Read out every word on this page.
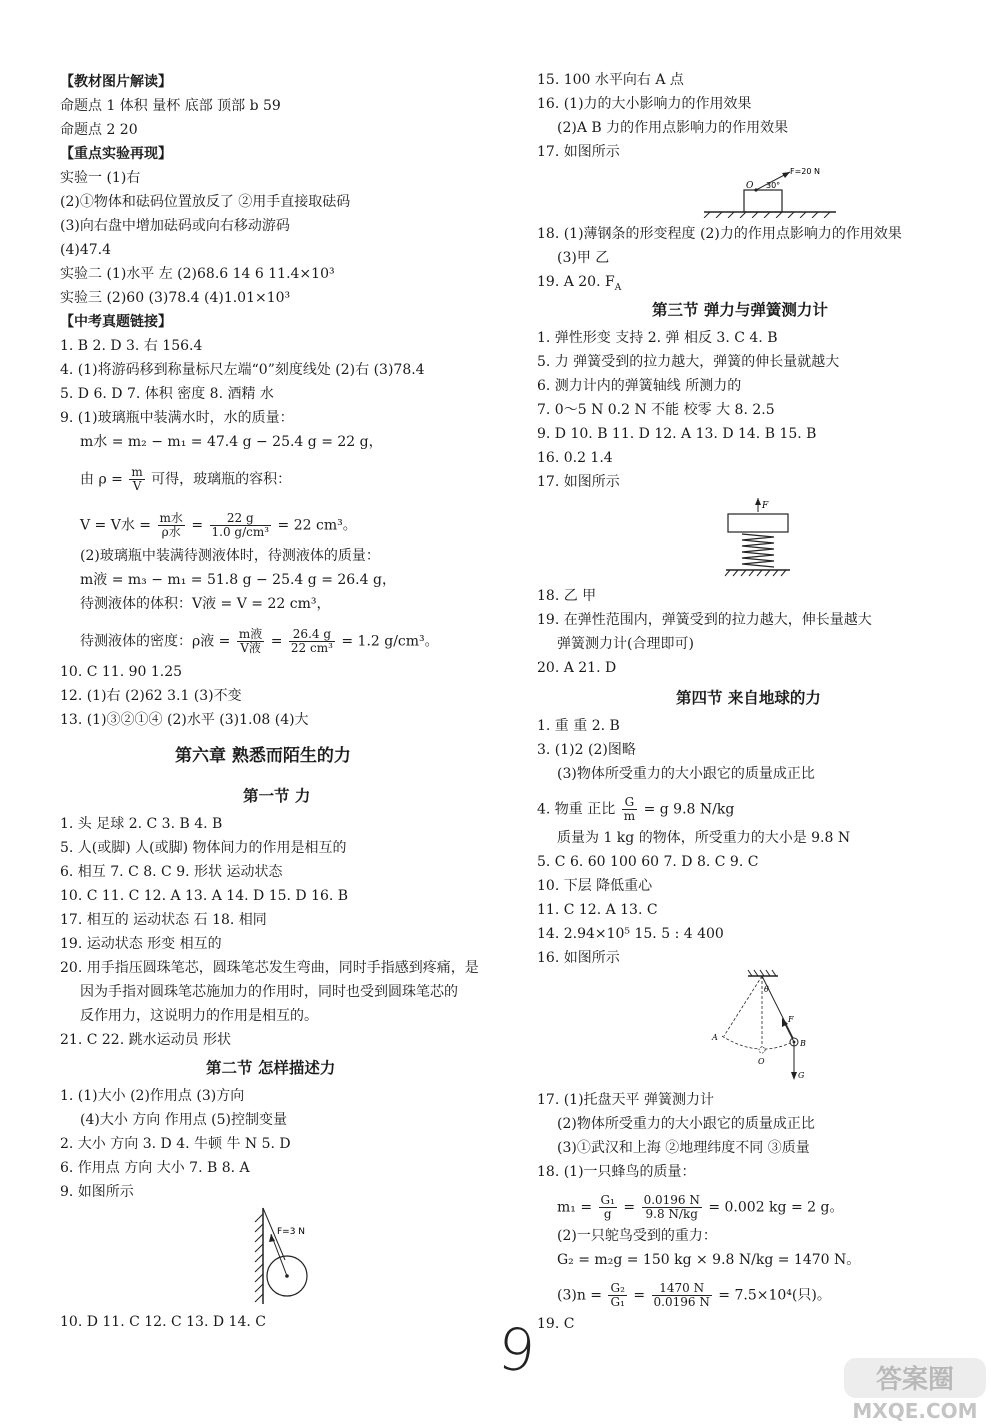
【教材图片解读】
命题点 1 体积 量杯 底部 顶部 b 59
命题点 2 20
【重点实验再现】
实验一 (1)右
(2)①物体和砝码位置放反了 ②用手直接取砝码
(3)向右盘中增加砝码或向右移动游码
(4)47.4
实验二 (1)水平 左 (2)68.6 14 6 11.4×10³
实验三 (2)60 (3)78.4 (4)1.01×10³
【中考真题链接】
1. B 2. D 3. 右 156.4
4. (1)将游码移到称量标尺左端“0”刻度线处 (2)右 (3)78.4
5. D 6. D 7. 体积 密度 8. 酒精 水
9. (1)玻璃瓶中装满水时，水的质量：
m水 = m₂ − m₁ = 47.4 g − 25.4 g = 22 g，
由 $\rho = \frac{m}{V}$ 可得，玻璃瓶的容积：
V = V水 = $\frac{\text{m水}}{\text{ρ水}} = \frac{22 g}{\text{1.0 g/cm³}} = 22$ cm³。
(2)玻璃瓶中装满待测液体时，待测液体的质量：
m液 = m₃ − m₁ = 51.8 g − 25.4 g = 26.4 g，
待测液体的体积：V液 = V = 22 cm³，
待测液体的密度：ρ液 = $\frac{\text{m液}}{\text{V液}} = \frac{26.4 g}{\text{22 cm³}} = 1.2$ g/cm³。
10. C 11. 90 1.25
12. (1)右 (2)62 3.1 (3)不变
13. (1)③②①④ (2)水平 (3)1.08 (4)大
第六章 熟悉而陌生的力
第一节 力
1. 头 足球 2. C 3. B 4. B
5. 人(或脚) 人(或脚) 物体间力的作用是相互的
6. 相互 7. C 8. C 9. 形状 运动状态
10. C 11. C 12. A 13. A 14. D 15. D 16. B
17. 相互的 运动状态 石 18. 相同
19. 运动状态 形变 相互的
20. 用手指压圆珠笔芯，圆珠笔芯发生弯曲，同时手指感到疼痛，是
因为手指对圆珠笔芯施加力的作用时，同时也受到圆珠笔芯的
反作用力，这说明力的作用是相互的。
21. C 22. 跳水运动员 形状
第二节 怎样描述力
1. (1)大小 (2)作用点 (3)方向
(4)大小 方向 作用点 (5)控制变量
2. 大小 方向 3. D 4. 牛顿 牛 N 5. D
6. 作用点 方向 大小 7. B 8. A
9. 如图所示
F=3 N
10. D 11. C 12. C 13. D 14. C
15. 100 水平向右 A 点
16. (1)力的大小影响力的作用效果
(2)A B 力的作用点影响力的作用效果
17. 如图所示
O 30°
F=20 N
18. (1)薄钢条的形变程度 (2)力的作用点影响力的作用效果
(3)甲 乙
19. A 20. $F_A$
第三节 弹力与弹簧测力计
1. 弹性形变 支持 2. 弹 相反 3. C 4. B
5. 力 弹簧受到的拉力越大，弹簧的伸长量就越大
6. 测力计内的弹簧轴线 所测力的
7. 0～5 N 0.2 N 不能 校零 大 8. 2.5
9. D 10. B 11. D 12. A 13. D 14. B 15. B
16. 0.2 1.4
17. 如图所示
F
18. 乙 甲
19. 在弹性范围内，弹簧受到的拉力越大，伸长量越大
弹簧测力计(合理即可)
20. A 21. D
第四节 来自地球的力
1. 重 重 2. B
3. (1)2 (2)图略
(3)物体所受重力的大小跟它的质量成正比
4. 物重 正比 $\frac{G}{m} = g$ 9.8 N/kg
质量为 1 kg 的物体，所受重力的大小是 9.8 N
5. C 6. 60 100 60 7. D 8. C 9. C
10. 下层 降低重心
11. C 12. A 13. C
14. 2.94×10⁵ 15. 5 : 4 400
16. 如图所示
θ
A
B
O
F
G
17. (1)托盘天平 弹簧测力计
(2)物体所受重力的大小跟它的质量成正比
(3)①武汉和上海 ②地理纬度不同 ③质量
18. (1)一只蜂鸟的质量：
$m_1 = \frac{\text{G₁}}{g} = \frac{0.0196 N}{9.8 N/kg} = 0.002$ kg = 2 g。
(2)一只鸵鸟受到的重力：
G₂ = m₂g = 150 kg × 9.8 N/kg = 1470 N。
$(3)n = \frac{\text{G₂}}{\text{G₁}} = \frac{1470 N}{0.0196 N} = 7.5\times 10^4$(只)。
19. C
9	答案圈
MXQE.COM
